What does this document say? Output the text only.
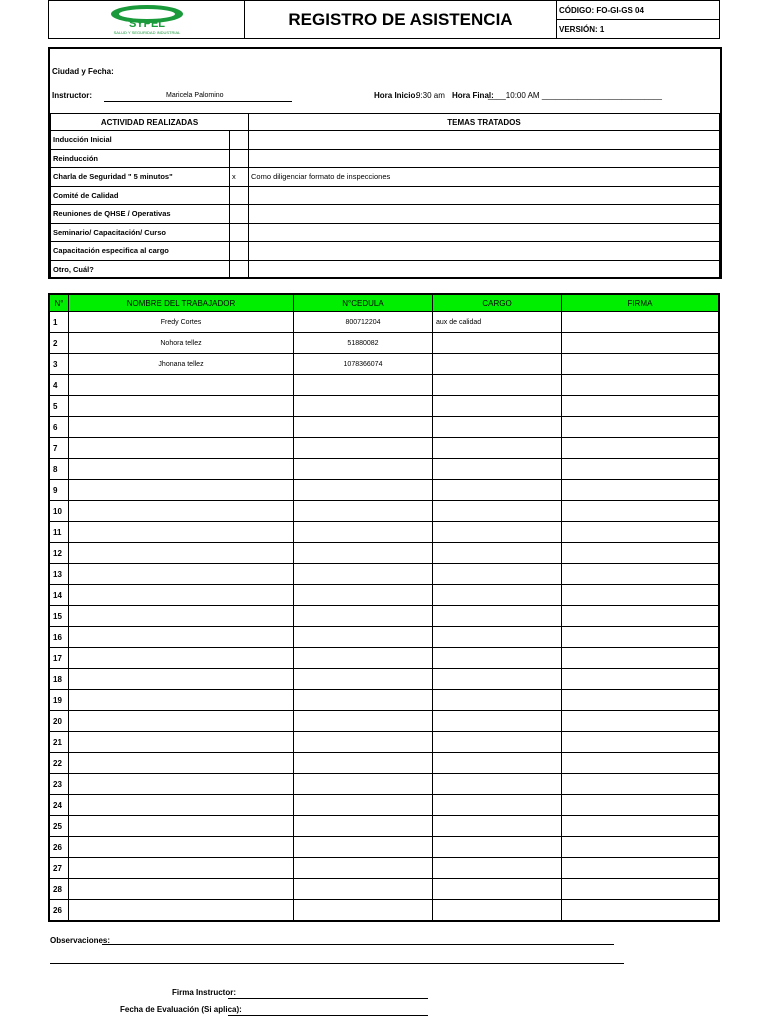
SYPEL
SALUD Y SEGURIDAD INDUSTRIAL
	REGISTRO DE ASISTENCIA	CÓDIGO: FO-GI-GS 04
VERSIÓN: 1
Ciudad y Fecha:
Instructor:	Maricela Palomino	Hora Inicio:
9:30 am Hora Final:
____10:00 AM ___________________________
ACTIVIDAD REALIZADAS		TEMAS TRATADOS
Inducción Inicial		
Reinducción		
Charla de Seguridad " 5 minutos"	x	Como diligenciar formato de inspecciones
Comité de Calidad		
Reuniones de QHSE / Operativas		
Seminario/ Capacitación/ Curso		
Capacitación especifica al cargo		
Otro, Cuál?		
N°	NOMBRE DEL TRABAJADOR	N°CEDULA	CARGO	FIRMA
1	Fredy Cortes	800712204	aux de calidad	
2	Nohora tellez	51880082		
3	Jhonana tellez	1078366074		
4				
5				
6				
7				
8				
9				
10				
11				
12				
13				
14				
15				
16				
17				
18				
19				
20				
21				
22				
23				
24				
25				
26				
27				
28				
26				
Observaciones:
Firma Instructor:
Fecha de Evaluación (Si aplica):
